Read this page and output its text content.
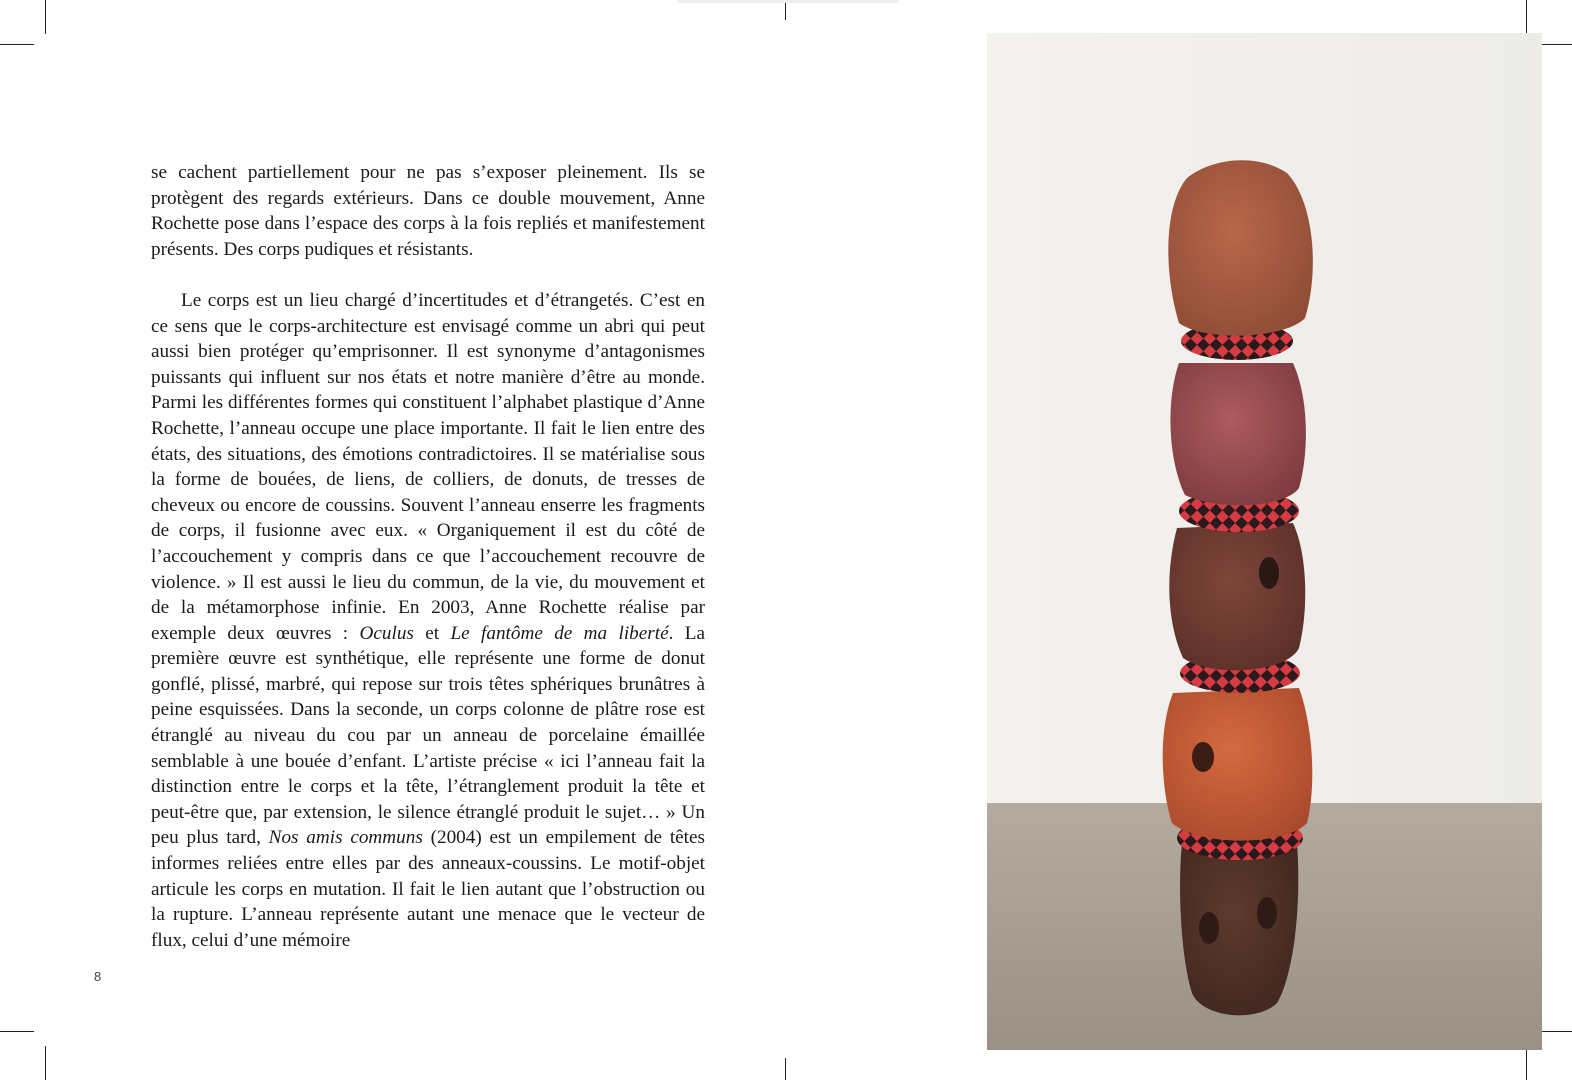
se cachent partiellement pour ne pas s’exposer pleinement. Ils se protègent des regards extérieurs. Dans ce double mouvement, Anne Rochette pose dans l’espace des corps à la fois repliés et manifestement présents. Des corps pudiques et résistants.

Le corps est un lieu chargé d’incertitudes et d’étrangetés. C’est en ce sens que le corps-architecture est envisagé comme un abri qui peut aussi bien protéger qu’emprisonner. Il est synonyme d’antagonismes puissants qui influent sur nos états et notre manière d’être au monde. Parmi les différentes formes qui constituent l’alphabet plastique d’Anne Rochette, l’anneau occupe une place importante. Il fait le lien entre des états, des situations, des émotions contradictoires. Il se matérialise sous la forme de bouées, de liens, de colliers, de donuts, de tresses de cheveux ou encore de coussins. Souvent l’anneau enserre les fragments de corps, il fusionne avec eux. « Organiquement il est du côté de l’accouchement y compris dans ce que l’accouchement recouvre de violence. » Il est aussi le lieu du commun, de la vie, du mouvement et de la métamorphose infinie. En 2003, Anne Rochette réalise par exemple deux œuvres : Oculus et Le fantôme de ma liberté. La première œuvre est synthétique, elle représente une forme de donut gonflé, plissé, marbré, qui repose sur trois têtes sphériques brunâtres à peine esquissées. Dans la seconde, un corps colonne de plâtre rose est étranglé au niveau du cou par un anneau de porcelaine émaillée semblable à une bouée d’enfant. L’artiste précise « ici l’anneau fait la distinction entre le corps et la tête, l’étranglement produit la tête et peut-être que, par extension, le silence étranglé produit le sujet… » Un peu plus tard, Nos amis communs (2004) est un empilement de têtes informes reliées entre elles par des anneaux-coussins. Le motif-objet articule les corps en mutation. Il fait le lien autant que l’obstruction ou la rupture. L’anneau représente autant une menace que le vecteur de flux, celui d’une mémoire

8
